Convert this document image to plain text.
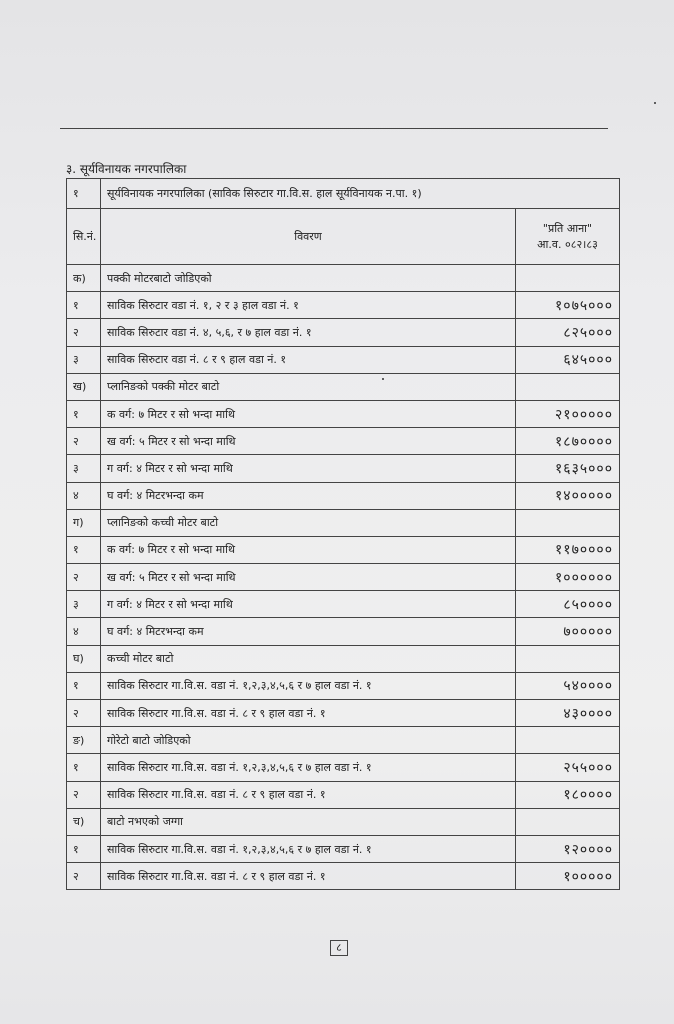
३. सूर्यविनायक नगरपालिका
१	सूर्यविनायक नगरपालिका (साविक सिरुटार गा.वि.स. हाल सूर्यविनायक न.पा. १)	
सि.नं.	विवरण	"प्रति आना"
आ.व. ०८२।८३

क)	पक्की मोटरबाटो जोडिएको	
१	साविक सिरुटार वडा नं. १, २ र ३ हाल वडा नं. १	१०७५०००
२	साविक सिरुटार वडा नं. ४, ५,६, र ७ हाल वडा नं. १	८२५०००
३	साविक सिरुटार वडा नं. ८ र ९ हाल वडा नं. १	६४५०००
ख)	प्लानिङको पक्की मोटर बाटो	
१	क वर्ग: ७ मिटर र सो भन्दा माथि	२१०००००
२	ख वर्ग: ५ मिटर र सो भन्दा माथि	१८७००००
३	ग वर्ग: ४ मिटर र सो भन्दा माथि	१६३५०००
४	घ वर्ग: ४ मिटरभन्दा कम	१४०००००
ग)	प्लानिङको कच्ची मोटर बाटो	
१	क वर्ग: ७ मिटर र सो भन्दा माथि	११७००००
२	ख वर्ग: ५ मिटर र सो भन्दा माथि	१००००००
३	ग वर्ग: ४ मिटर र सो भन्दा माथि	८५००००
४	घ वर्ग: ४ मिटरभन्दा कम	७०००००
घ)	कच्ची मोटर बाटो	
१	साविक सिरुटार गा.वि.स. वडा नं. १,२,३,४,५,६ र ७ हाल वडा नं. १	५४००००
२	साविक सिरुटार गा.वि.स. वडा नं. ८ र ९ हाल वडा नं. १	४३००००
ङ)	गोरेटो बाटो जोडिएको	
१	साविक सिरुटार गा.वि.स. वडा नं. १,२,३,४,५,६ र ७ हाल वडा नं. १	२५५०००
२	साविक सिरुटार गा.वि.स. वडा नं. ८ र ९ हाल वडा नं. १	१८००००
च)	बाटो नभएको जग्गा	
१	साविक सिरुटार गा.वि.स. वडा नं. १,२,३,४,५,६ र ७ हाल वडा नं. १	१२००००
२	साविक सिरुटार गा.वि.स. वडा नं. ८ र ९ हाल वडा नं. १	१०००००
८
